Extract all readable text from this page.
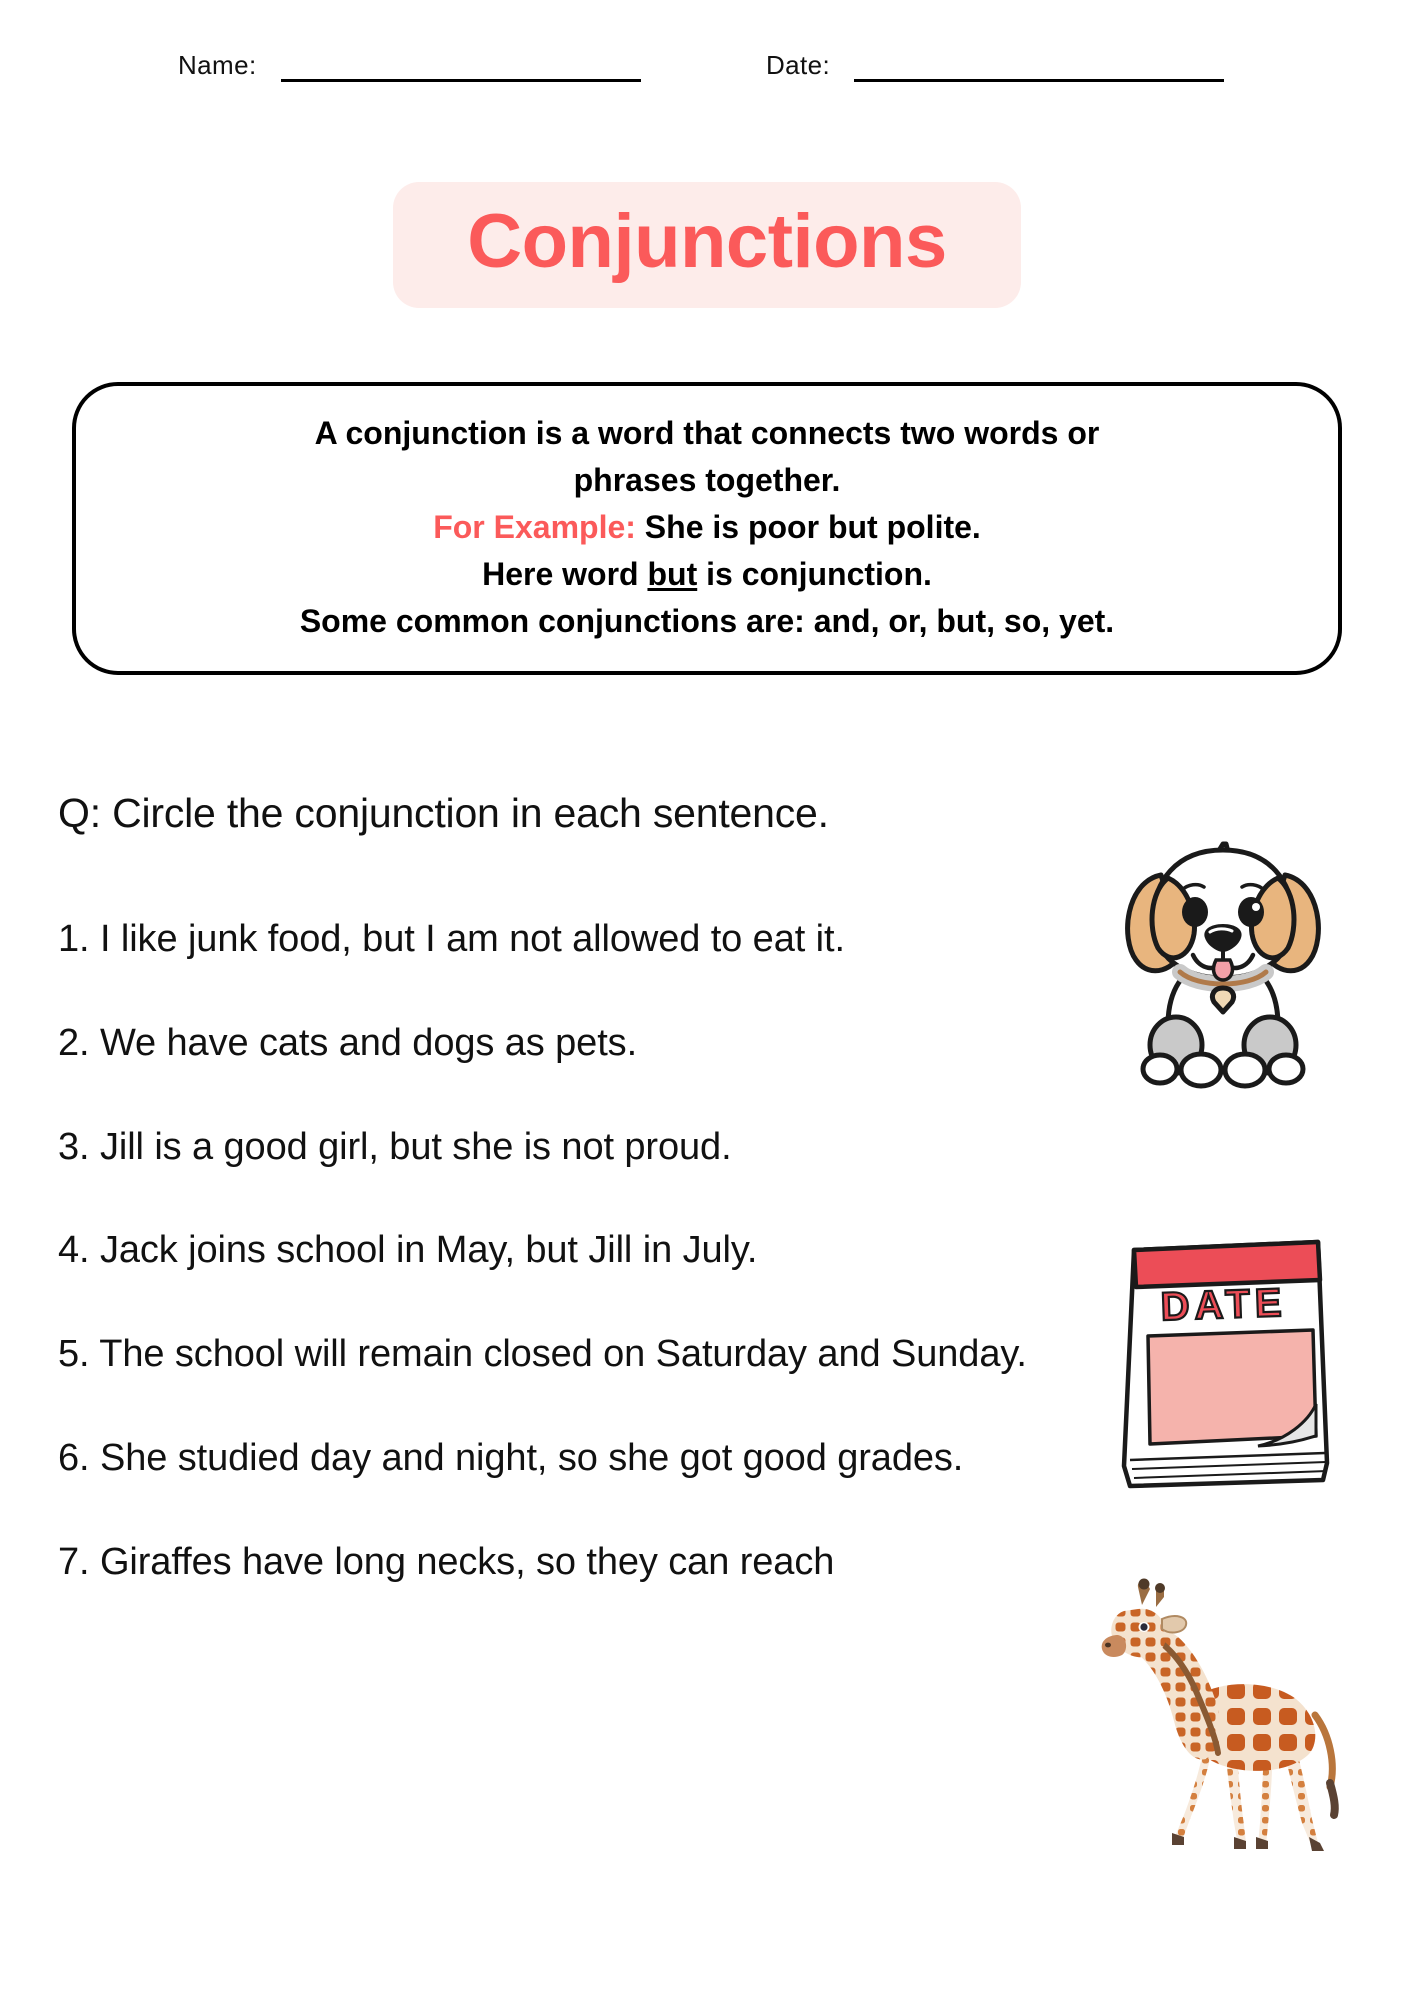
Name:	Date:
Conjunctions
A conjunction is a word that connects two words or
phrases together.
For Example: She is poor but polite.
Here word but is conjunction.
Some common conjunctions are: and, or, but, so, yet.
Q: Circle the conjunction in each sentence.
1. I like junk food, but I am not allowed to eat it.
2. We have cats and dogs as pets.
3. Jill is a good girl, but she is not proud.
4. Jack joins school in May, but Jill in July.
5. The school will remain closed on Saturday and Sunday.
6. She studied day and night, so she got good grades.
7. Giraffes have long necks, so they can reach
DATE
